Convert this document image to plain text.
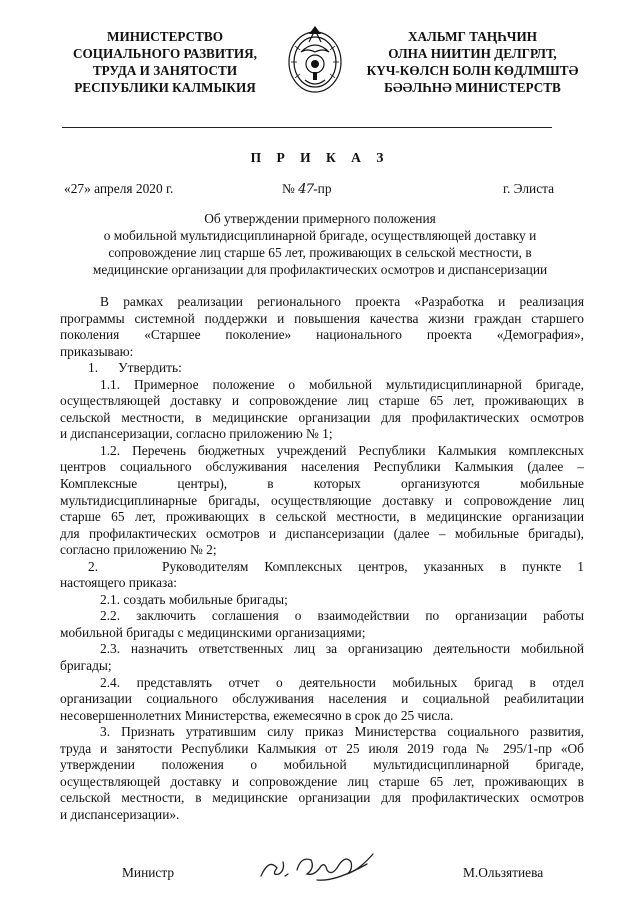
МИНИСТЕРСТВО
СОЦИАЛЬНОГО РАЗВИТИЯ,
ТРУДА И ЗАНЯТОСТИ
РЕСПУБЛИКИ КАЛМЫКИЯ
ХАЛЬМГ ТАҢҺЧИН
ОЛНА НИИТИН ДЕЛГРЛТ,
КҮЧ-КӨЛСН БОЛН КӨДЛМШТӘ
БӘӘЛҺНӘ МИНИСТЕРСТВ
П Р И К А З
«27» апреля 2020 г.	№ 47-пр	г. Элиста
Об утверждении примерного положения
о мобильной мультидисциплинарной бригаде, осуществляющей доставку и
сопровождение лиц старше 65 лет, проживающих в сельской местности, в
медицинские организации для профилактических осмотров и диспансеризации

В рамках реализации регионального проекта «Разработка и реализация
программы системной поддержки и повышения качества жизни граждан старшего
поколения «Старшее поколение» национального проекта «Демография»,
приказываю:

1.      Утвердить:

1.1. Примерное положение о мобильной мультидисциплинарной бригаде,
осуществляющей доставку и сопровождение лиц старше 65 лет, проживающих в
сельской местности, в медицинские организации для профилактических осмотров
и диспансеризации, согласно приложению № 1;

1.2. Перечень бюджетных учреждений Республики Калмыкия комплексных
центров социального обслуживания населения Республики Калмыкия (далее –
Комплексные центры), в которых организуются мобильные
мультидисциплинарные бригады, осуществляющие доставку и сопровождение лиц
старше 65 лет, проживающих в сельской местности, в медицинские организации
для профилактических осмотров и диспансеризации (далее – мобильные бригады),
согласно приложению № 2;

2.    Руководителям Комплексных центров, указанных в пункте 1
настоящего приказа:

2.1. создать мобильные бригады;

2.2. заключить соглашения о взаимодействии по организации работы
мобильной бригады с медицинскими организациями;

2.3. назначить ответственных лиц за организацию деятельности мобильной
бригады;

2.4. представлять отчет о деятельности мобильных бригад в отдел
организации социального обслуживания населения и социальной реабилитации
несовершеннолетних Министерства, ежемесячно в срок до 25 числа.

3. Признать утратившим силу приказ Министерства социального развития,
труда и занятости Республики Калмыкия от 25 июля 2019 года № 295/1-пр «Об
утверждении положения о мобильной мультидисциплинарной бригаде,
осуществляющей доставку и сопровождение лиц старше 65 лет, проживающих в
сельской местности, в медицинские организации для профилактических осмотров
и диспансеризации».

Министр	М.Ользятиева
